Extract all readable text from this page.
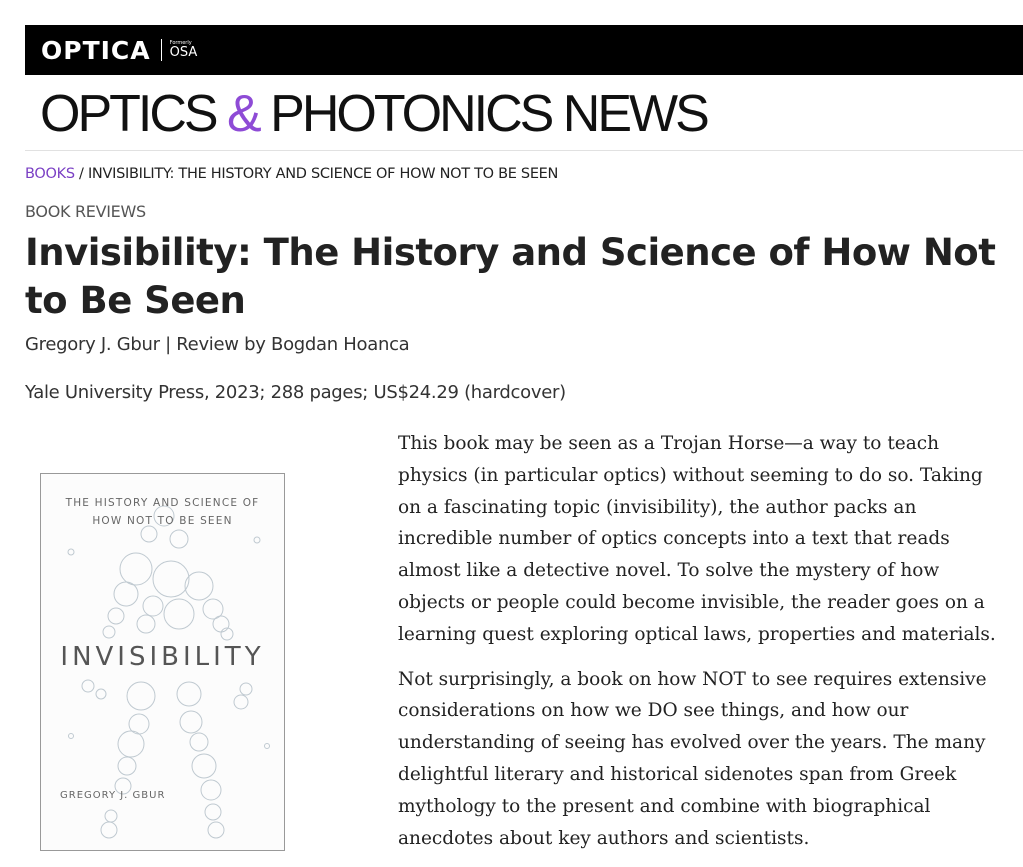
OPTICA	Formerly
OSA
OPTICS & PHOTONICS NEWS
BOOKS / INVISIBILITY: THE HISTORY AND SCIENCE OF HOW NOT TO BE SEEN
BOOK REVIEWS
Invisibility: The History and Science of How Not to Be Seen
Gregory J. Gbur | Review by Bogdan Hoanca
Yale University Press, 2023; 288 pages; US$24.29 (hardcover)
THE HISTORY AND SCIENCE OF
HOW NOT TO BE SEEN
INVISIBILITY
GREGORY J. GBUR

This book may be seen as a Trojan Horse—a way to teach physics (in particular optics) without seeming to do so. Taking on a fascinating topic (invisibility), the author packs an incredible number of optics concepts into a text that reads almost like a detective novel. To solve the mystery of how objects or people could become invisible, the reader goes on a learning quest exploring optical laws, properties and materials.

Not surprisingly, a book on how NOT to see requires extensive considerations on how we DO see things, and how our understanding of seeing has evolved over the years. The many delightful literary and historical sidenotes span from Greek mythology to the present and combine with biographical anecdotes about key authors and scientists.
